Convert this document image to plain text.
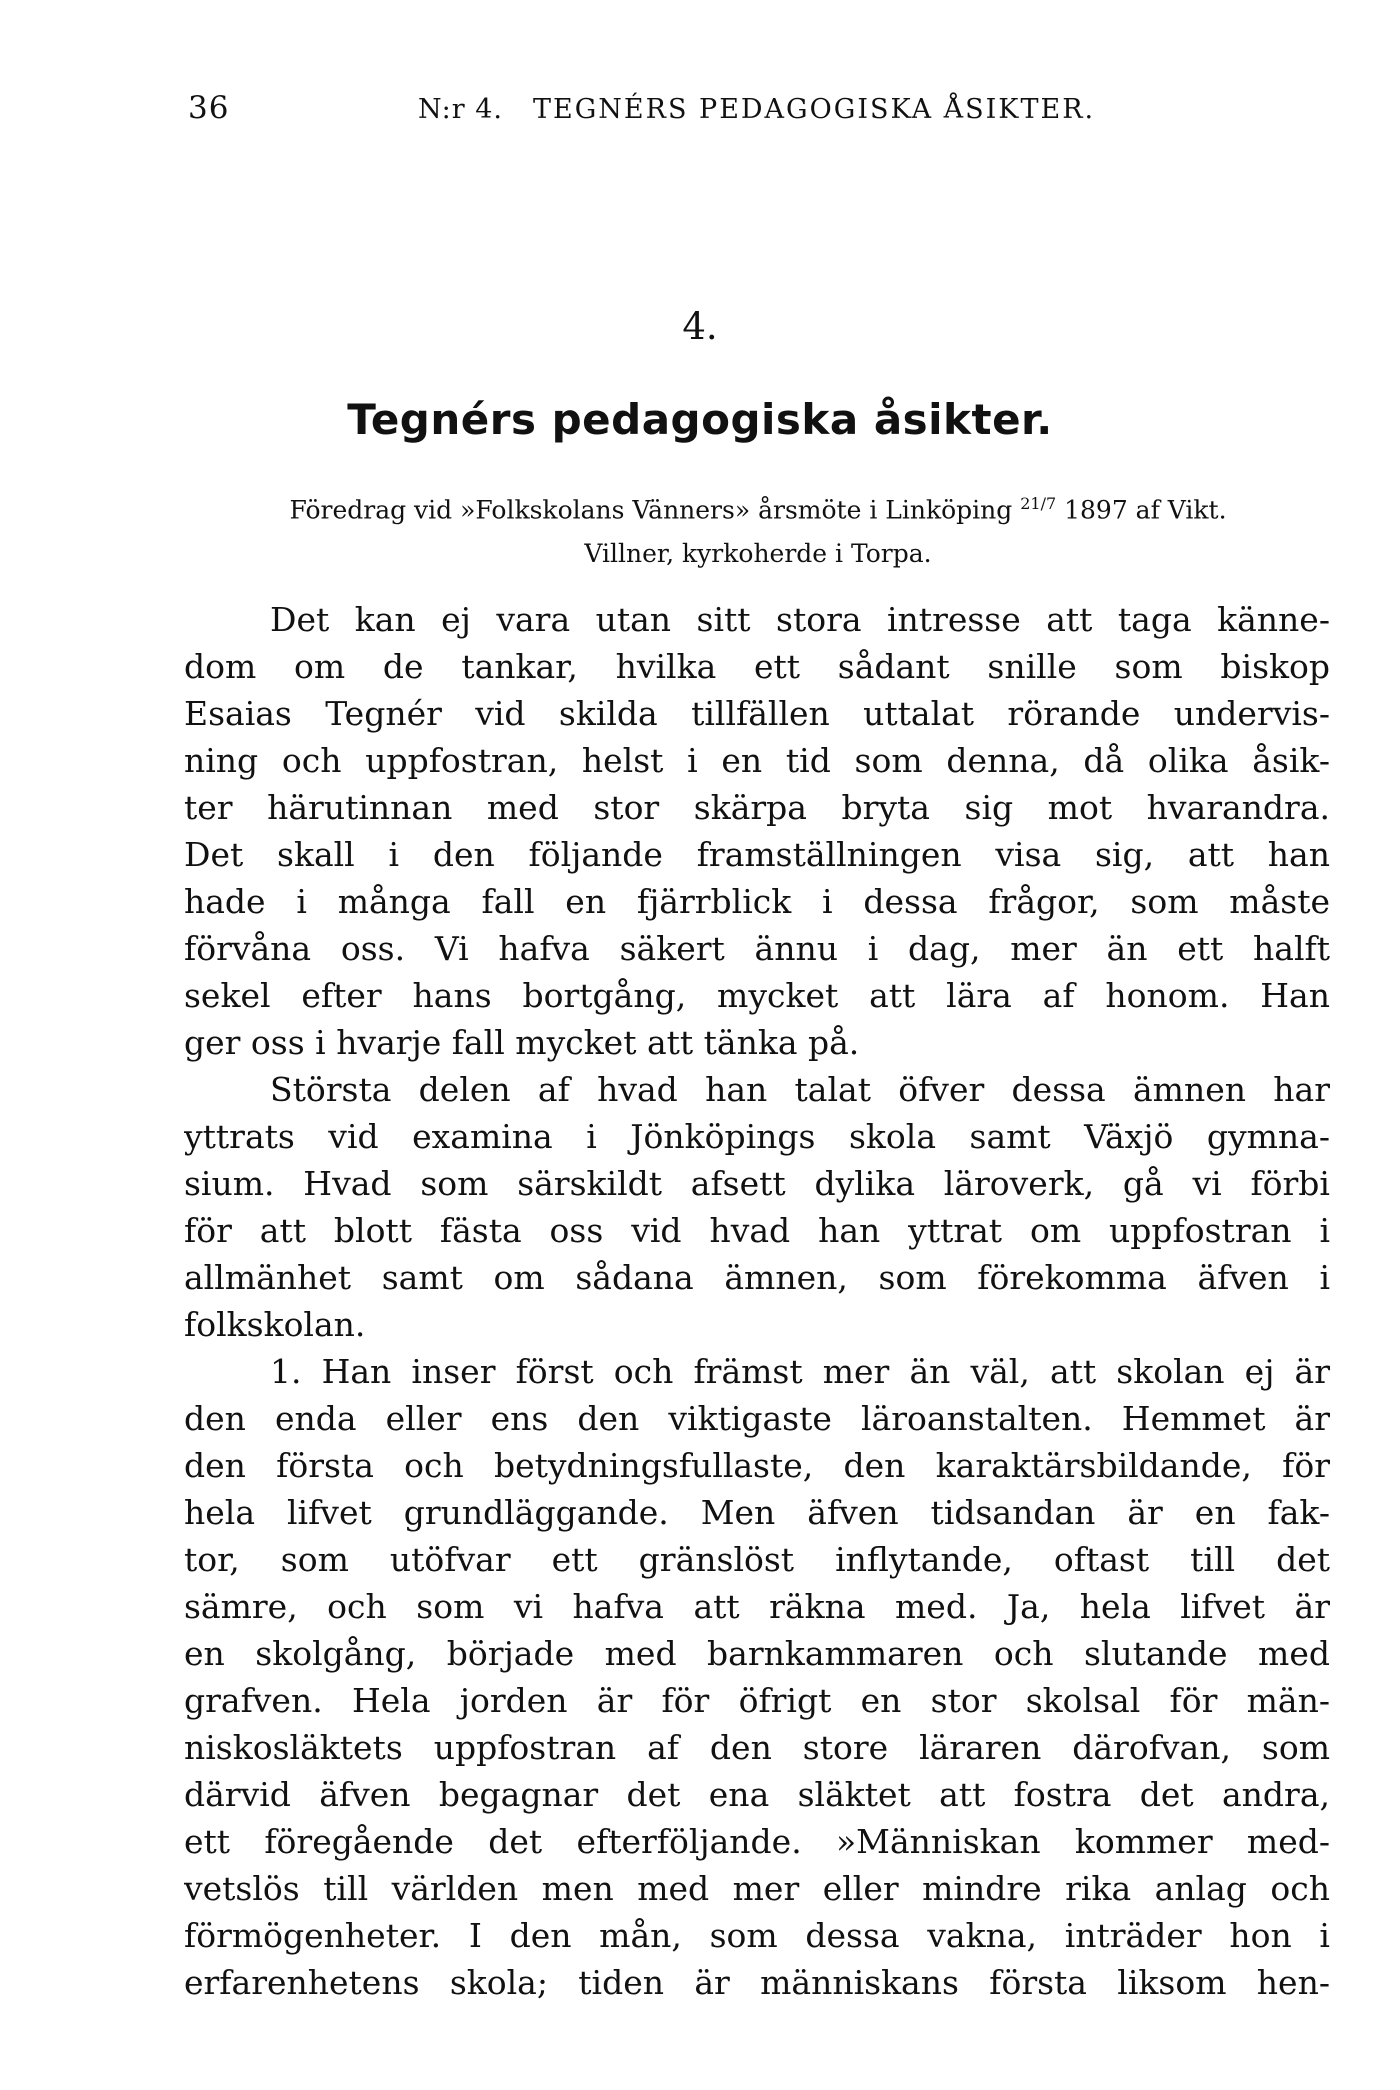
36	N:r 4. TEGNÉRS PEDAGOGISKA ÅSIKTER.
4.
Tegnérs pedagogiska åsikter.
Föredrag vid »Folkskolans Vänners» årsmöte i Linköping $^{21/7}$ 1897 af Vikt.
Villner, kyrkoherde i Torpa.
Det kan ej vara utan sitt stora intresse att taga känne-
dom om de tankar, hvilka ett sådant snille som biskop
Esaias Tegnér vid skilda tillfällen uttalat rörande undervis-
ning och uppfostran, helst i en tid som denna, då olika åsik-
ter härutinnan med stor skärpa bryta sig mot hvarandra.
Det skall i den följande framställningen visa sig, att han
hade i många fall en fjärrblick i dessa frågor, som måste
förvåna oss. Vi hafva säkert ännu i dag, mer än ett halft
sekel efter hans bortgång, mycket att lära af honom. Han
ger oss i hvarje fall mycket att tänka på.
Största delen af hvad han talat öfver dessa ämnen har
yttrats vid examina i Jönköpings skola samt Växjö gymna-
sium. Hvad som särskildt afsett dylika läroverk, gå vi förbi
för att blott fästa oss vid hvad han yttrat om uppfostran i
allmänhet samt om sådana ämnen, som förekomma äfven i
folkskolan.
1. Han inser först och främst mer än väl, att skolan ej är
den enda eller ens den viktigaste läroanstalten. Hemmet är
den första och betydningsfullaste, den karaktärsbildande, för
hela lifvet grundläggande. Men äfven tidsandan är en fak-
tor, som utöfvar ett gränslöst inflytande, oftast till det
sämre, och som vi hafva att räkna med. Ja, hela lifvet är
en skolgång, började med barnkammaren och slutande med
grafven. Hela jorden är för öfrigt en stor skolsal för män-
niskosläktets uppfostran af den store läraren därofvan, som
därvid äfven begagnar det ena släktet att fostra det andra,
ett föregående det efterföljande. »Människan kommer med-
vetslös till världen men med mer eller mindre rika anlag och
förmögenheter. I den mån, som dessa vakna, inträder hon i
erfarenhetens skola; tiden är människans första liksom hen-
